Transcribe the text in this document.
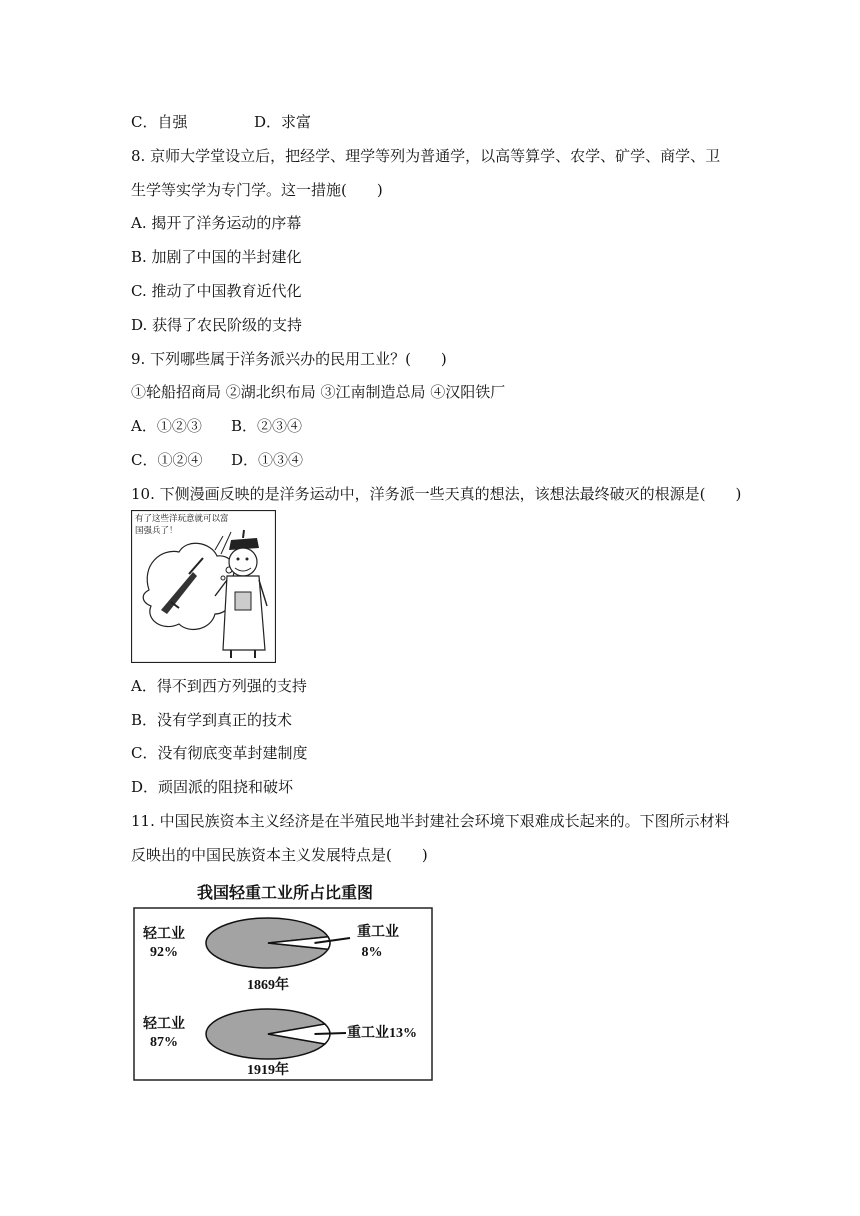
C．自强	D．求富
8. 京师大学堂设立后，把经学、理学等列为普通学，以高等算学、农学、矿学、商学、卫
生学等实学为专门学。这一措施(　　)
A. 揭开了洋务运动的序幕
B. 加剧了中国的半封建化
C. 推动了中国教育近代化
D. 获得了农民阶级的支持
9. 下列哪些属于洋务派兴办的民用工业？(　　)
①轮船招商局 ②湖北织布局 ③江南制造总局 ④汉阳铁厂
A．①②③ B．②③④
C．①②④ D．①③④
10. 下侧漫画反映的是洋务运动中，洋务派一些天真的想法，该想法最终破灭的根源是(　　)
有了这些洋玩意就可以富
国强兵了！
A．得不到西方列强的支持
B．没有学到真正的技术
C．没有彻底变革封建制度
D．顽固派的阻挠和破坏
11. 中国民族资本主义经济是在半殖民地半封建社会环境下艰难成长起来的。下图所示材料
反映出的中国民族资本主义发展特点是(　　)
我国轻重工业所占比重图
轻工业
92%
重工业
8%
1869年
轻工业
87%
重工业13%
1919年
